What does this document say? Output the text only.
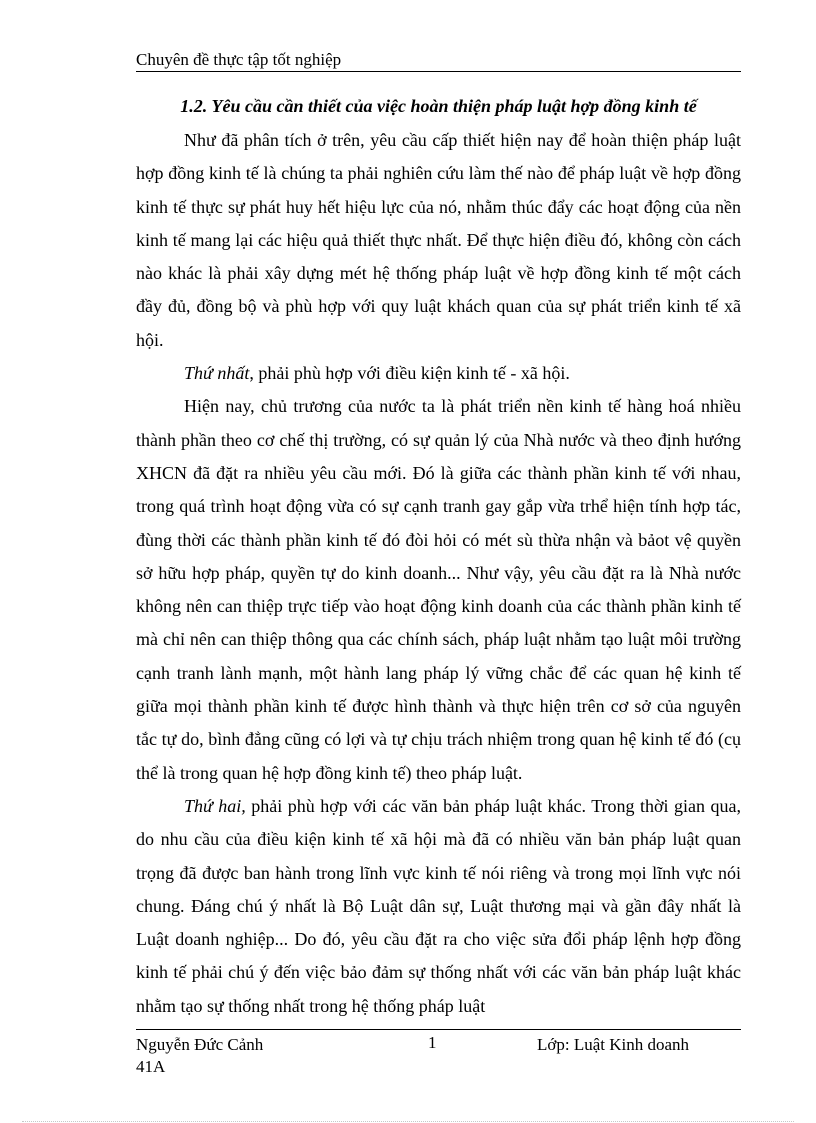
Chuyên đề thực tập tốt nghiệp
1.2. Yêu cầu cần thiết của việc hoàn thiện pháp luật hợp đồng kinh tế

Như đã phân tích ở trên, yêu cầu cấp thiết hiện nay để hoàn thiện pháp luật hợp đồng kinh tế là chúng ta phải nghiên cứu làm thế nào để pháp luật về hợp đồng kinh tế thực sự phát huy hết hiệu lực của nó, nhằm thúc đẩy các hoạt động của nền kinh tế mang lại các hiệu quả thiết thực nhất. Để thực hiện điều đó, không còn cách nào khác là phải xây dựng mét hệ thống pháp luật về hợp đồng kinh tế một cách đầy đủ, đồng bộ và phù hợp với quy luật khách quan của sự phát triển kinh tế xã hội.

Thứ nhất, phải phù hợp với điều kiện kinh tế - xã hội.

Hiện nay, chủ trương của nước ta là phát triển nền kinh tế hàng hoá nhiều thành phần theo cơ chế thị trường, có sự quản lý của Nhà nước và theo định hướng XHCN đã đặt ra nhiều yêu cầu mới. Đó là giữa các thành phần kinh tế với nhau, trong quá trình hoạt động vừa có sự cạnh tranh gay gắp vừa trhể hiện tính hợp tác, đùng thời các thành phần kinh tế đó đòi hỏi có mét sù thừa nhận và bảot vệ quyền sở hữu hợp pháp, quyền tự do kinh doanh... Như vậy, yêu cầu đặt ra là Nhà nước không nên can thiệp trực tiếp vào hoạt động kinh doanh của các thành phần kinh tế mà chỉ nên can thiệp thông qua các chính sách, pháp luật nhằm tạo luật môi trường cạnh tranh lành mạnh, một hành lang pháp lý vững chắc để các quan hệ kinh tế giữa mọi thành phần kinh tế được hình thành và thực hiện trên cơ sở của nguyên tắc tự do, bình đẳng cũng có lợi và tự chịu trách nhiệm trong quan hệ kinh tế đó (cụ thể là trong quan hệ hợp đồng kinh tế) theo pháp luật.

Thứ hai, phải phù hợp với các văn bản pháp luật khác. Trong thời gian qua, do nhu cầu của điều kiện kinh tế xã hội mà đã có nhiều văn bản pháp luật quan trọng đã được ban hành trong lĩnh vực kinh tế nói riêng và trong mọi lĩnh vực nói chung. Đáng chú ý nhất là Bộ Luật dân sự, Luật thương mại và gần đây nhất là Luật doanh nghiệp... Do đó, yêu cầu đặt ra cho việc sửa đổi pháp lệnh hợp đồng kinh tế phải chú ý đến việc bảo đảm sự thống nhất với các văn bản pháp luật khác nhằm tạo sự thống nhất trong hệ thống pháp luật

Nguyễn Đức Cảnh
41A
1	Lớp: Luật Kinh doanh
